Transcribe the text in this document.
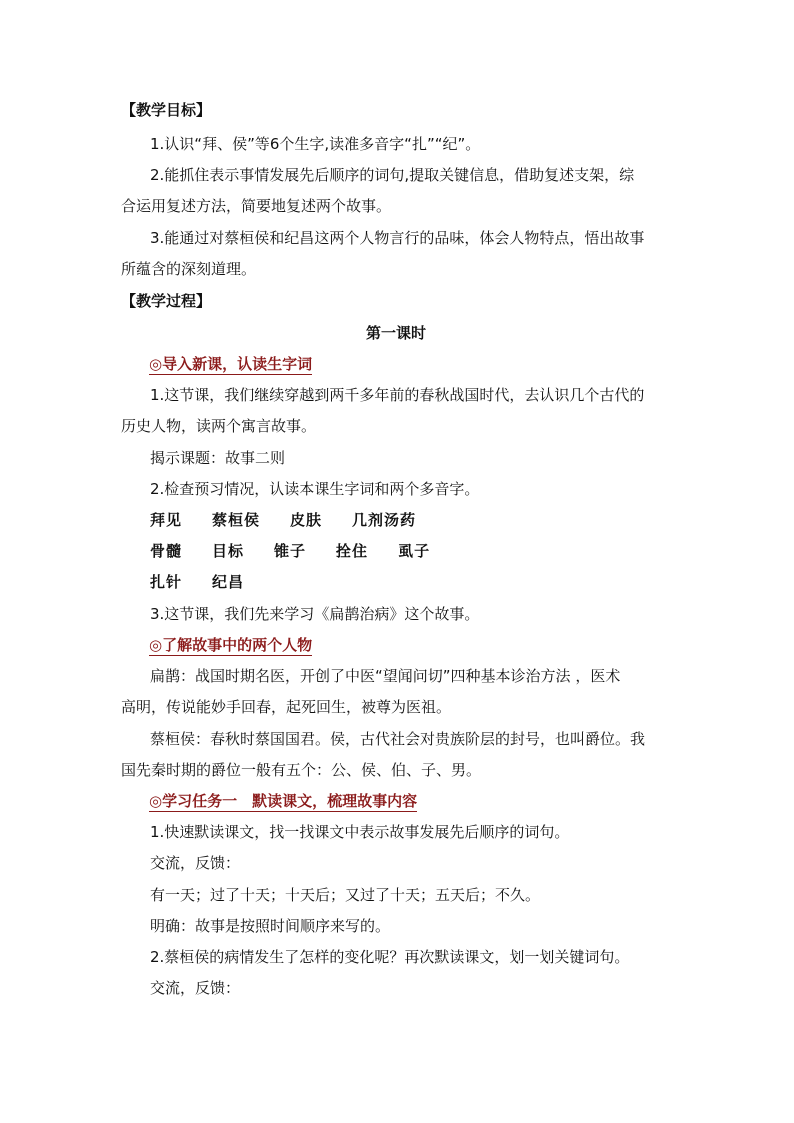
【教学目标】
1.认识“拜、侯”等6个生字,读准多音字“扎”“纪”。
2.能抓住表示事情发展先后顺序的词句,提取关键信息，借助复述支架，综
合运用复述方法，简要地复述两个故事。
3.能通过对蔡桓侯和纪昌这两个人物言行的品味，体会人物特点，悟出故事
所蕴含的深刻道理。
【教学过程】
第一课时
◎导入新课，认读生字词
1.这节课，我们继续穿越到两千多年前的春秋战国时代，去认识几个古代的
历史人物，读两个寓言故事。
揭示课题：故事二则
2.检查预习情况，认读本课生字词和两个多音字。
拜见 蔡桓侯 皮肤 几剂汤药
骨髓 目标 锥子 拴住 虱子
扎针 纪昌
3.这节课，我们先来学习《扁鹊治病》这个故事。
◎了解故事中的两个人物
扁鹊：战国时期名医，开创了中医“望闻问切”四种基本诊治方法 ，医术
高明，传说能妙手回春，起死回生，被尊为医祖。
蔡桓侯：春秋时蔡国国君。侯，古代社会对贵族阶层的封号，也叫爵位。我
国先秦时期的爵位一般有五个：公、侯、伯、子、男。
◎学习任务一　默读课文，梳理故事内容
1.快速默读课文，找一找课文中表示故事发展先后顺序的词句。
交流，反馈：
有一天；过了十天；十天后；又过了十天；五天后；不久。
明确：故事是按照时间顺序来写的。
2.蔡桓侯的病情发生了怎样的变化呢？再次默读课文，划一划关键词句。
交流，反馈：
